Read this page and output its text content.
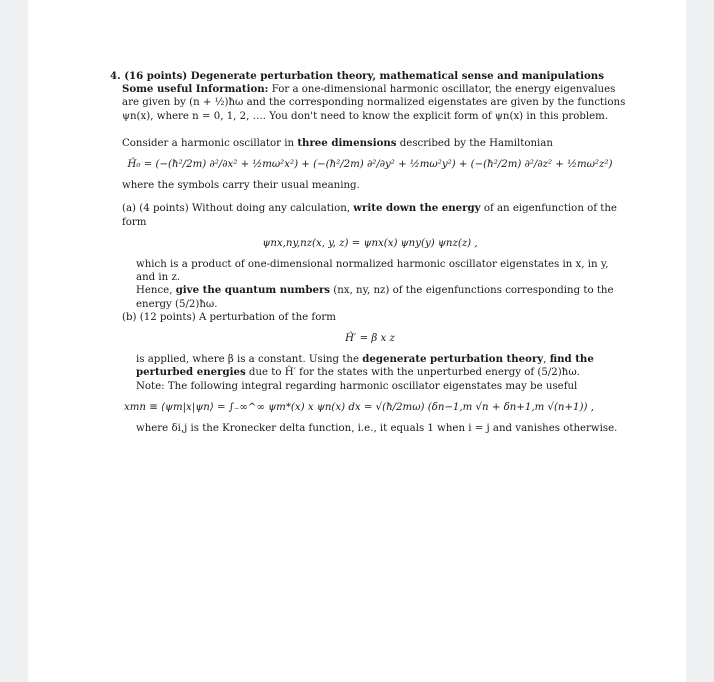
4. (16 points) Degenerate perturbation theory, mathematical sense and manipulations

Some useful Information: For a one-dimensional harmonic oscillator, the energy eigenvalues are given by (n + ½)ħω and the corresponding normalized eigenstates are given by the functions ψn(x), where n = 0, 1, 2, …. You don't need to know the explicit form of ψn(x) in this problem.

Consider a harmonic oscillator in three dimensions described by the Hamiltonian

Ĥ₀ = (−(ħ²/2m) ∂²/∂x² + ½mω²x²) + (−(ħ²/2m) ∂²/∂y² + ½mω²y²) + (−(ħ²/2m) ∂²/∂z² + ½mω²z²)

where the symbols carry their usual meaning.

(a) (4 points) Without doing any calculation, write down the energy of an eigenfunction of the form

ψnx,ny,nz(x, y, z) = ψnx(x) ψny(y) ψnz(z) ,

which is a product of one-dimensional normalized harmonic oscillator eigenstates in x, in y, and in z.

Hence, give the quantum numbers (nx, ny, nz) of the eigenfunctions corresponding to the energy (5/2)ħω.

(b) (12 points) A perturbation of the form

Ĥ′ = β x z

is applied, where β is a constant. Using the degenerate perturbation theory, find the perturbed energies due to Ĥ′ for the states with the unperturbed energy of (5/2)ħω.

Note: The following integral regarding harmonic oscillator eigenstates may be useful

xmn ≡ ⟨ψm|x|ψn⟩ = ∫₋∞^∞ ψm*(x) x ψn(x) dx = √(ħ/2mω) (δn−1,m √n + δn+1,m √(n+1)) ,

where δi,j is the Kronecker delta function, i.e., it equals 1 when i = j and vanishes otherwise.
